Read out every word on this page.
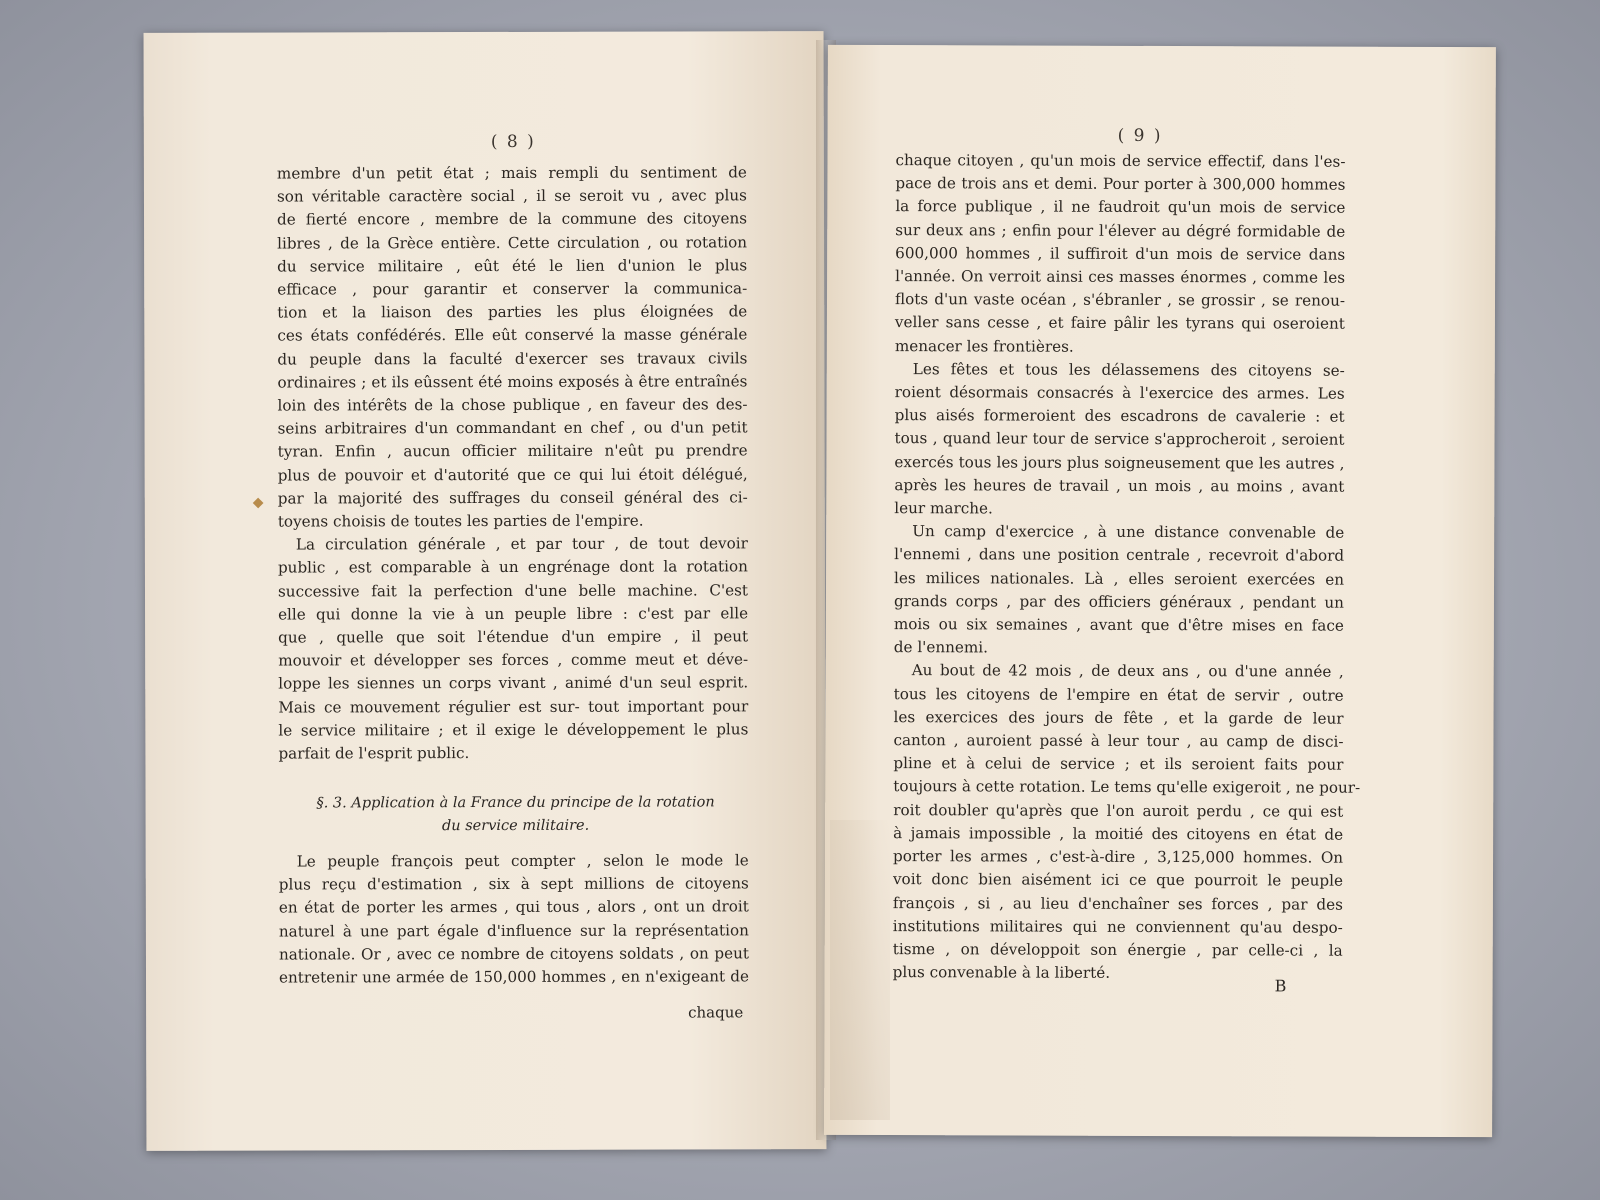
( 8 )

membre d'un petit état ; mais rempli du sentiment de
son véritable caractère social , il se seroit vu , avec plus
de fierté encore , membre de la commune des citoyens
libres , de la Grèce entière. Cette circulation , ou rotation
du service militaire , eût été le lien d'union le plus
efficace , pour garantir et conserver la communica-
tion et la liaison des parties les plus éloignées de
ces états confédérés. Elle eût conservé la masse générale
du peuple dans la faculté d'exercer ses travaux civils
ordinaires ; et ils eûssent été moins exposés à être entraînés
loin des intérêts de la chose publique , en faveur des des-
seins arbitraires d'un commandant en chef , ou d'un petit
tyran. Enfin , aucun officier militaire n'eût pu prendre
plus de pouvoir et d'autorité que ce qui lui étoit délégué,
par la majorité des suffrages du conseil général des ci-
toyens choisis de toutes les parties de l'empire.

La circulation générale , et par tour , de tout devoir
public , est comparable à un engrénage dont la rotation
successive fait la perfection d'une belle machine. C'est
elle qui donne la vie à un peuple libre : c'est par elle
que , quelle que soit l'étendue d'un empire , il peut
mouvoir et développer ses forces , comme meut et déve-
loppe les siennes un corps vivant , animé d'un seul esprit.
Mais ce mouvement régulier est sur- tout important pour
le service militaire ; et il exige le développement le plus
parfait de l'esprit public.

§. 3. Application à la France du principe de la rotation
du service militaire.

Le peuple françois peut compter , selon le mode le
plus reçu d'estimation , six à sept millions de citoyens
en état de porter les armes , qui tous , alors , ont un droit
naturel à une part égale d'influence sur la représentation
nationale. Or , avec ce nombre de citoyens soldats , on peut
entretenir une armée de 150,000 hommes , en n'exigeant de

chaque
◆
( 9 )

chaque citoyen , qu'un mois de service effectif, dans l'es-
pace de trois ans et demi. Pour porter à 300,000 hommes
la force publique , il ne faudroit qu'un mois de service
sur deux ans ; enfin pour l'élever au dégré formidable de
600,000 hommes , il suffiroit d'un mois de service dans
l'année. On verroit ainsi ces masses énormes , comme les
flots d'un vaste océan , s'ébranler , se grossir , se renou-
veller sans cesse , et faire pâlir les tyrans qui oseroient
menacer les frontières.

Les fêtes et tous les délassemens des citoyens se-
roient désormais consacrés à l'exercice des armes. Les
plus aisés formeroient des escadrons de cavalerie : et
tous , quand leur tour de service s'approcheroit , seroient
exercés tous les jours plus soigneusement que les autres ,
après les heures de travail , un mois , au moins , avant
leur marche.

Un camp d'exercice , à une distance convenable de
l'ennemi , dans une position centrale , recevroit d'abord
les milices nationales. Là , elles seroient exercées en
grands corps , par des officiers généraux , pendant un
mois ou six semaines , avant que d'être mises en face
de l'ennemi.

Au bout de 42 mois , de deux ans , ou d'une année ,
tous les citoyens de l'empire en état de servir , outre
les exercices des jours de fête , et la garde de leur
canton , auroient passé à leur tour , au camp de disci-
pline et à celui de service ; et ils seroient faits pour
toujours à cette rotation. Le tems qu'elle exigeroit , ne pour-
roit doubler qu'après que l'on auroit perdu , ce qui est
à jamais impossible , la moitié des citoyens en état de
porter les armes , c'est-à-dire , 3,125,000 hommes. On
voit donc bien aisément ici ce que pourroit le peuple
françois , si , au lieu d'enchaîner ses forces , par des
institutions militaires qui ne conviennent qu'au despo-
tisme , on développoit son énergie , par celle-ci , la
plus convenable à la liberté.

B
